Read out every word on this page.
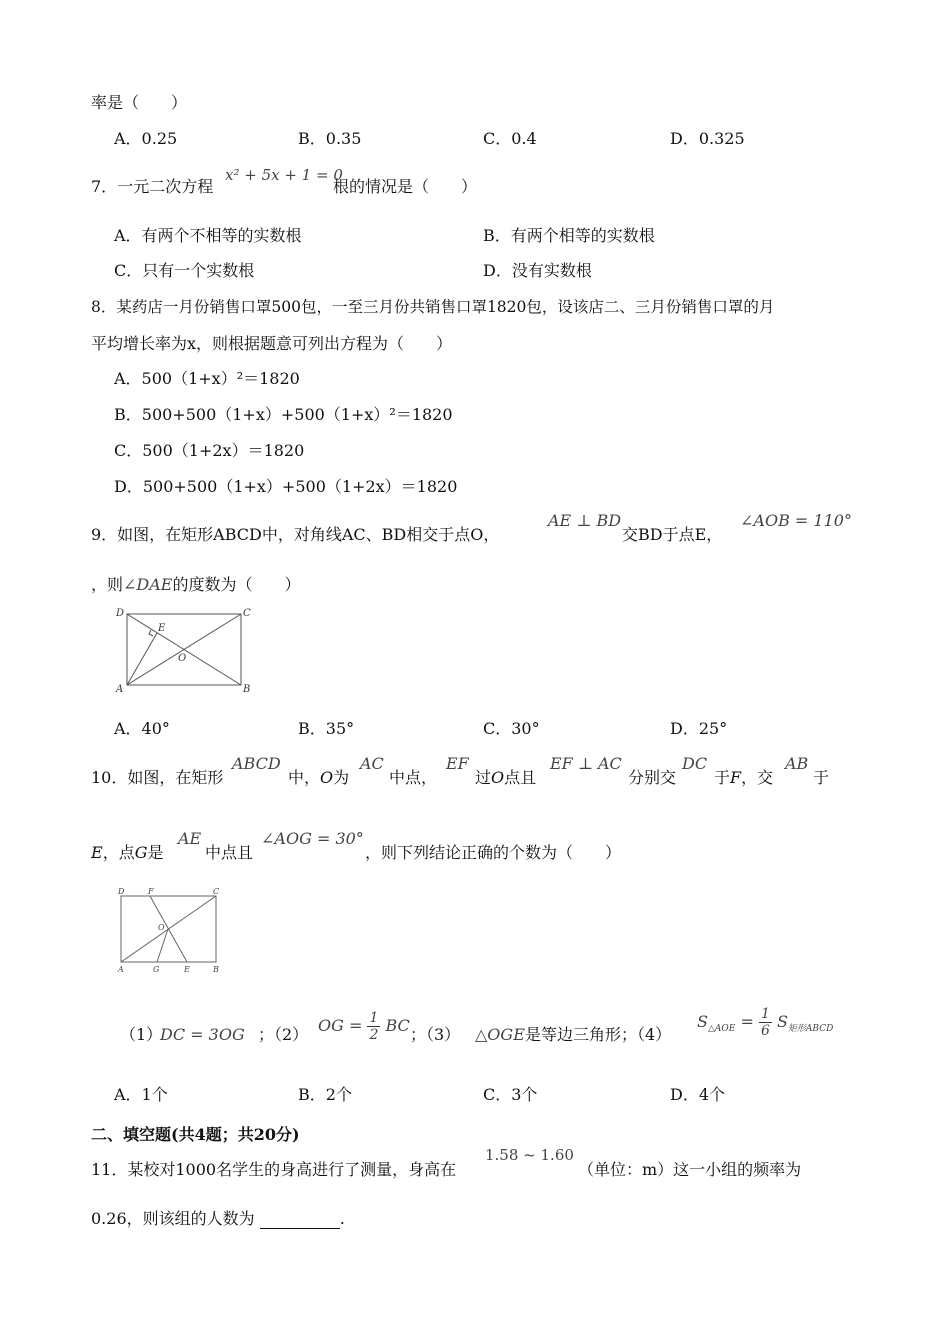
率是（　　）
A．0.25	B．0.35	C．0.4	D．0.325
7．一元二次方程
x² + 5x + 1 = 0
根的情况是（　　）
A．有两个不相等的实数根	B．有两个相等的实数根
C．只有一个实数根	D．没有实数根
8．某药店一月份销售口罩500包，一至三月份共销售口罩1820包，设该店二、三月份销售口罩的月
平均增长率为x，则根据题意可列出方程为（　　）
A．500（1+x）²＝1820
B．500+500（1+x）+500（1+x）²＝1820
C．500（1+2x）＝1820
D．500+500（1+x）+500（1+2x）＝1820
9．如图，在矩形ABCD中，对角线AC、BD相交于点O，
AE ⊥ BD
交BD于点E，
∠AOB = 110°
，则∠DAE的度数为（　　）
D	C
E
O
A	B
A．40°	B．35°	C．30°	D．25°
10．如图，在矩形
ABCD
中，O为
AC
中点，
EF
过O点且
EF ⊥ AC
分别交
DC
于F，交
AB
于
E，点G是
AE
中点且
∠AOG = 30°
，则下列结论正确的个数为（　　）
D	F	C
O
A	G	E	B
（1）
DC = 3OG ；（2） OG = $\frac{1}{2}$ BC ；（3） △OGE 是等边三角形；（4）
$S_{\triangle AOE} = \frac{1}{6} S_{矩形ABCD}$
A．1个	B．2个	C．3个	D．4个
二、填空题(共4题；共20分)
11．某校对1000名学生的身高进行了测量，身高在
1.58 ~ 1.60
（单位：m）这一小组的频率为
0.26，则该组的人数为	.
